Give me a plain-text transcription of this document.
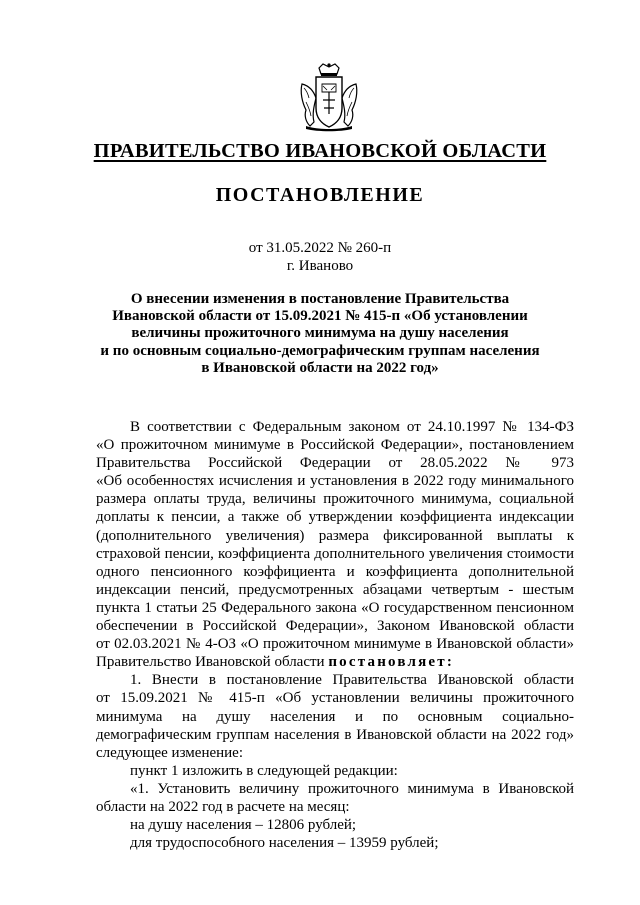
ПРАВИТЕЛЬСТВО ИВАНОВСКОЙ ОБЛАСТИ
ПОСТАНОВЛЕНИЕ
от 31.05.2022 № 260-п
г. Иваново
О внесении изменения в постановление Правительства
Ивановской области от 15.09.2021 № 415-п «Об установлении
величины прожиточного минимума на душу населения
и по основным социально-демографическим группам населения
в Ивановской области на 2022 год»
В соответствии с Федеральным законом от 24.10.1997 № 134-ФЗ
«О прожиточном минимуме в Российской Федерации», постановлением
Правительства Российской Федерации от 28.05.2022 № 973
«Об особенностях исчисления и установления в 2022 году минимального
размера оплаты труда, величины прожиточного минимума, социальной
доплаты к пенсии, а также об утверждении коэффициента индексации
(дополнительного увеличения) размера фиксированной выплаты к
страховой пенсии, коэффициента дополнительного увеличения стоимости
одного пенсионного коэффициента и коэффициента дополнительной
индексации пенсий, предусмотренных абзацами четвертым - шестым
пункта 1 статьи 25 Федерального закона «О государственном пенсионном
обеспечении в Российской Федерации», Законом Ивановской области
от 02.03.2021 № 4-ОЗ «О прожиточном минимуме в Ивановской области»
Правительство Ивановской области постановляет:
1. Внести в постановление Правительства Ивановской области
от 15.09.2021 № 415-п «Об установлении величины прожиточного
минимума на душу населения и по основным социально-
демографическим группам населения в Ивановской области на 2022 год»
следующее изменение:
пункт 1 изложить в следующей редакции:
«1. Установить величину прожиточного минимума в Ивановской
области на 2022 год в расчете на месяц:
на душу населения – 12806 рублей;
для трудоспособного населения – 13959 рублей;
